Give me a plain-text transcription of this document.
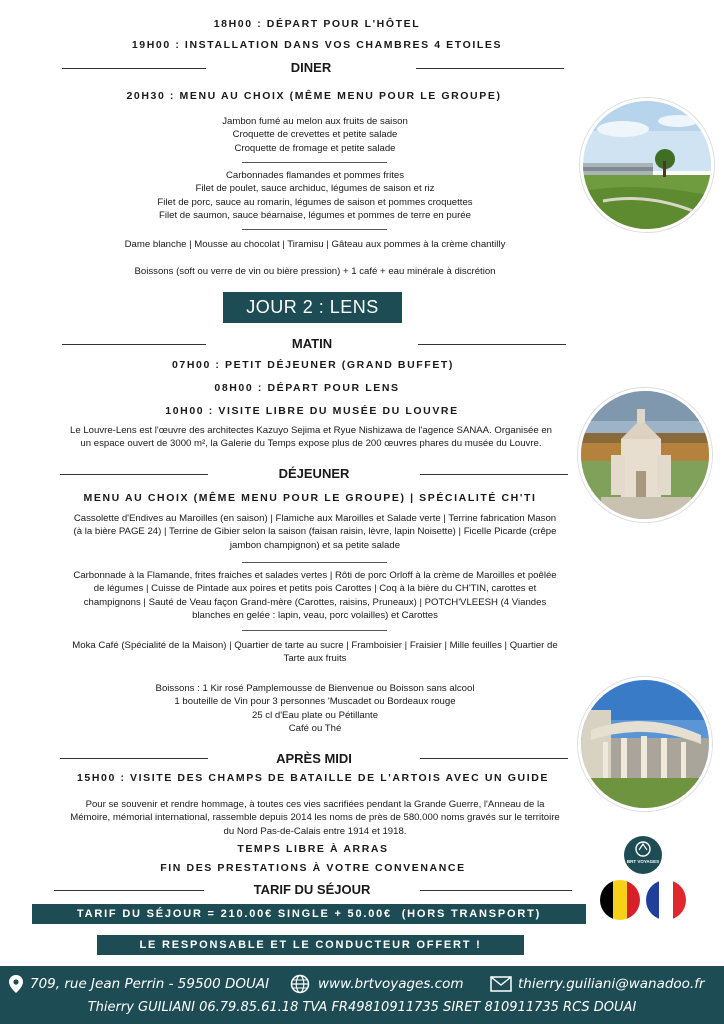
18H00 : DÉPART POUR L'HÔTEL
19H00 : INSTALLATION DANS VOS CHAMBRES 4 ETOILES
DINER
20H30 : MENU AU CHOIX (MÊME MENU POUR LE GROUPE)
Jambon fumé au melon aux fruits de saison
Croquette de crevettes et petite salade
Croquette de fromage et petite salade
Carbonnades flamandes et pommes frites
Filet de poulet, sauce archiduc, légumes de saison et riz
Filet de porc, sauce au romarin, légumes de saison et pommes croquettes
Filet de saumon, sauce béarnaise, légumes et pommes de terre en purée
Dame blanche | Mousse au chocolat | Tiramisu | Gâteau aux pommes à la crème chantilly
Boissons (soft ou verre de vin ou bière pression) + 1 café + eau minérale à discrétion
JOUR 2 : LENS
MATIN
07H00 : PETIT DÉJEUNER (GRAND BUFFET)
08H00 : DÉPART POUR LENS
10H00 : VISITE LIBRE DU MUSÉE DU LOUVRE
Le Louvre-Lens est l'œuvre des architectes Kazuyo Sejima et Ryue Nishizawa de l'agence SANAA. Organisée en
un espace ouvert de 3000 m², la Galerie du Temps expose plus de 200 œuvres phares du musée du Louvre.
DÉJEUNER
MENU AU CHOIX (MÊME MENU POUR LE GROUPE) | SPÉCIALITÉ CH'TI
Cassolette d'Endives au Maroilles (en saison) | Flamiche aux Maroilles et Salade verte | Terrine fabrication Mason
(à la bière PAGE 24) | Terrine de Gibier selon la saison (faisan raisin, lèvre, lapin Noisette) | Ficelle Picarde (crêpe
jambon champignon) et sa petite salade
Carbonnade à la Flamande, frites fraiches et salades vertes | Rôti de porc Orloff à la crème de Maroilles et poêlée
de légumes | Cuisse de Pintade aux poires et petits pois Carottes | Coq à la bière du CH'TIN, carottes et
champignons | Sauté de Veau façon Grand-mère (Carottes, raisins, Pruneaux) | POTCH'VLEESH (4 Viandes
blanches en gelée : lapin, veau, porc volailles) et Carottes
Moka Café (Spécialité de la Maison) | Quartier de tarte au sucre | Framboisier | Fraisier | Mille feuilles | Quartier de
Tarte aux fruits
Boissons : 1 Kir rosé Pamplemousse de Bienvenue ou Boisson sans alcool
1 bouteille de Vin pour 3 personnes 'Muscadet ou Bordeaux rouge
25 cl d'Eau plate ou Pétillante
Café ou Thé
APRÈS MIDI
15H00 : VISITE DES CHAMPS DE BATAILLE DE L'ARTOIS AVEC UN GUIDE
Pour se souvenir et rendre hommage, à toutes ces vies sacrifiées pendant la Grande Guerre, l'Anneau de la
Mémoire, mémorial international, rassemble depuis 2014 les noms de près de 580.000 noms gravés sur le territoire
du Nord Pas-de-Calais entre 1914 et 1918.
TEMPS LIBRE À ARRAS
FIN DES PRESTATIONS À VOTRE CONVENANCE
BRT VOYAGES
TARIF DU SÉJOUR
TARIF DU SÉJOUR = 210.00€ SINGLE + 50.00€  (HORS TRANSPORT)
LE RESPONSABLE ET LE CONDUCTEUR OFFERT !
709, rue Jean Perrin - 59500 DOUAI	www.brtvoyages.com	thierry.guiliani@wanadoo.fr
Thierry GUILIANI 06.79.85.61.18 TVA FR49810911735 SIRET 810911735 RCS DOUAI
